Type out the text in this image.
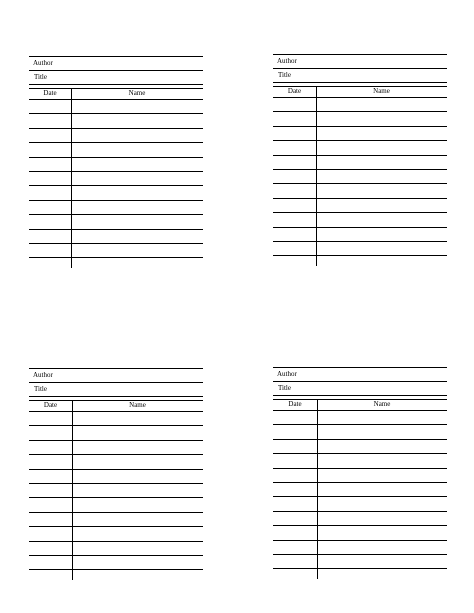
Author
Title
Date	Name
Author
Title
Date	Name
Author
Title
Date	Name
Author
Title
Date	Name
